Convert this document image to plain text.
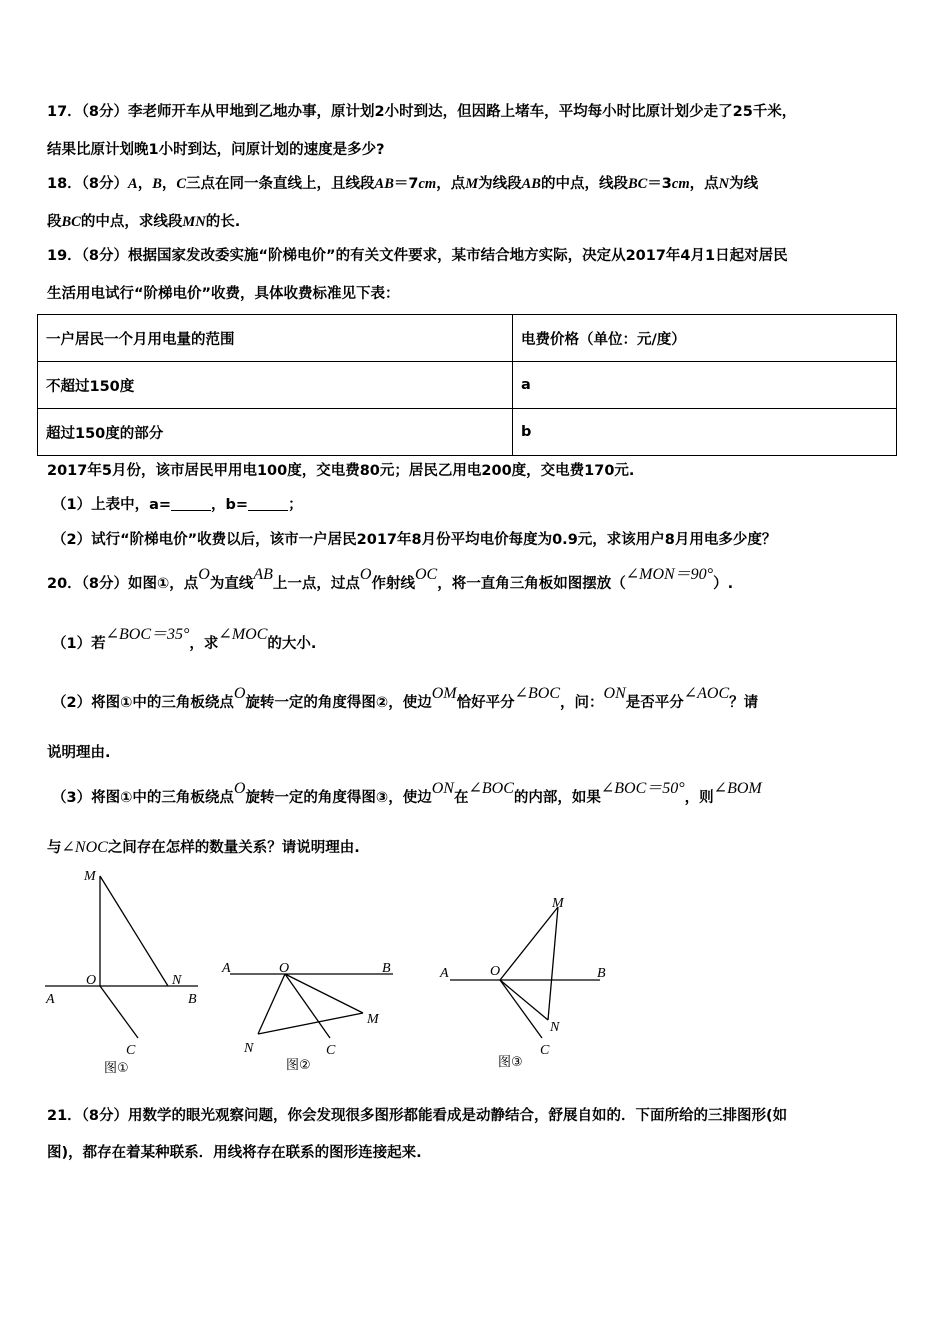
17．（8分）李老师开车从甲地到乙地办事，原计划2小时到达，但因路上堵车，平均每小时比原计划少走了25千米，
结果比原计划晚1小时到达，问原计划的速度是多少?
18．（8分）A，B，C三点在同一条直线上，且线段AB＝7cm，点M为线段AB的中点，线段BC＝3cm，点N为线
段BC的中点，求线段MN的长.
19．（8分）根据国家发改委实施“阶梯电价”的有关文件要求，某市结合地方实际，决定从2017年4月1日起对居民
生活用电试行“阶梯电价”收费，具体收费标准见下表：
一户居民一个月用电量的范围	电费价格（单位：元/度）
不超过150度	a
超过150度的部分	b
2017年5月份，该市居民甲用电100度，交电费80元；居民乙用电200度，交电费170元.
（1）上表中，a=	，b=	；
（2）试行“阶梯电价”收费以后，该市一户居民2017年8月份平均电价每度为0.9元，求该用户8月用电多少度？
20．（8分）如图①，点O为直线AB上一点，过点O作射线OC，将一直角三角板如图摆放（∠MON＝90°）.
（1）若∠BOC＝35°，求∠MOC的大小.
（2）将图①中的三角板绕点O旋转一定的角度得图②，使边OM恰好平分∠BOC，问：ON是否平分∠AOC？请
说明理由.
（3）将图①中的三角板绕点O旋转一定的角度得图③，使边ON在∠BOC的内部，如果∠BOC＝50°，则∠BOM
与∠NOC之间存在怎样的数量关系？请说明理由.
M
O	N
A	B
C
图①
A	O	B
M
N	C
图②
A	O	B
M
N
C
图③
21．（8分）用数学的眼光观察问题，你会发现很多图形都能看成是动静结合，舒展自如的．下面所给的三排图形(如
图)，都存在着某种联系．用线将存在联系的图形连接起来.
